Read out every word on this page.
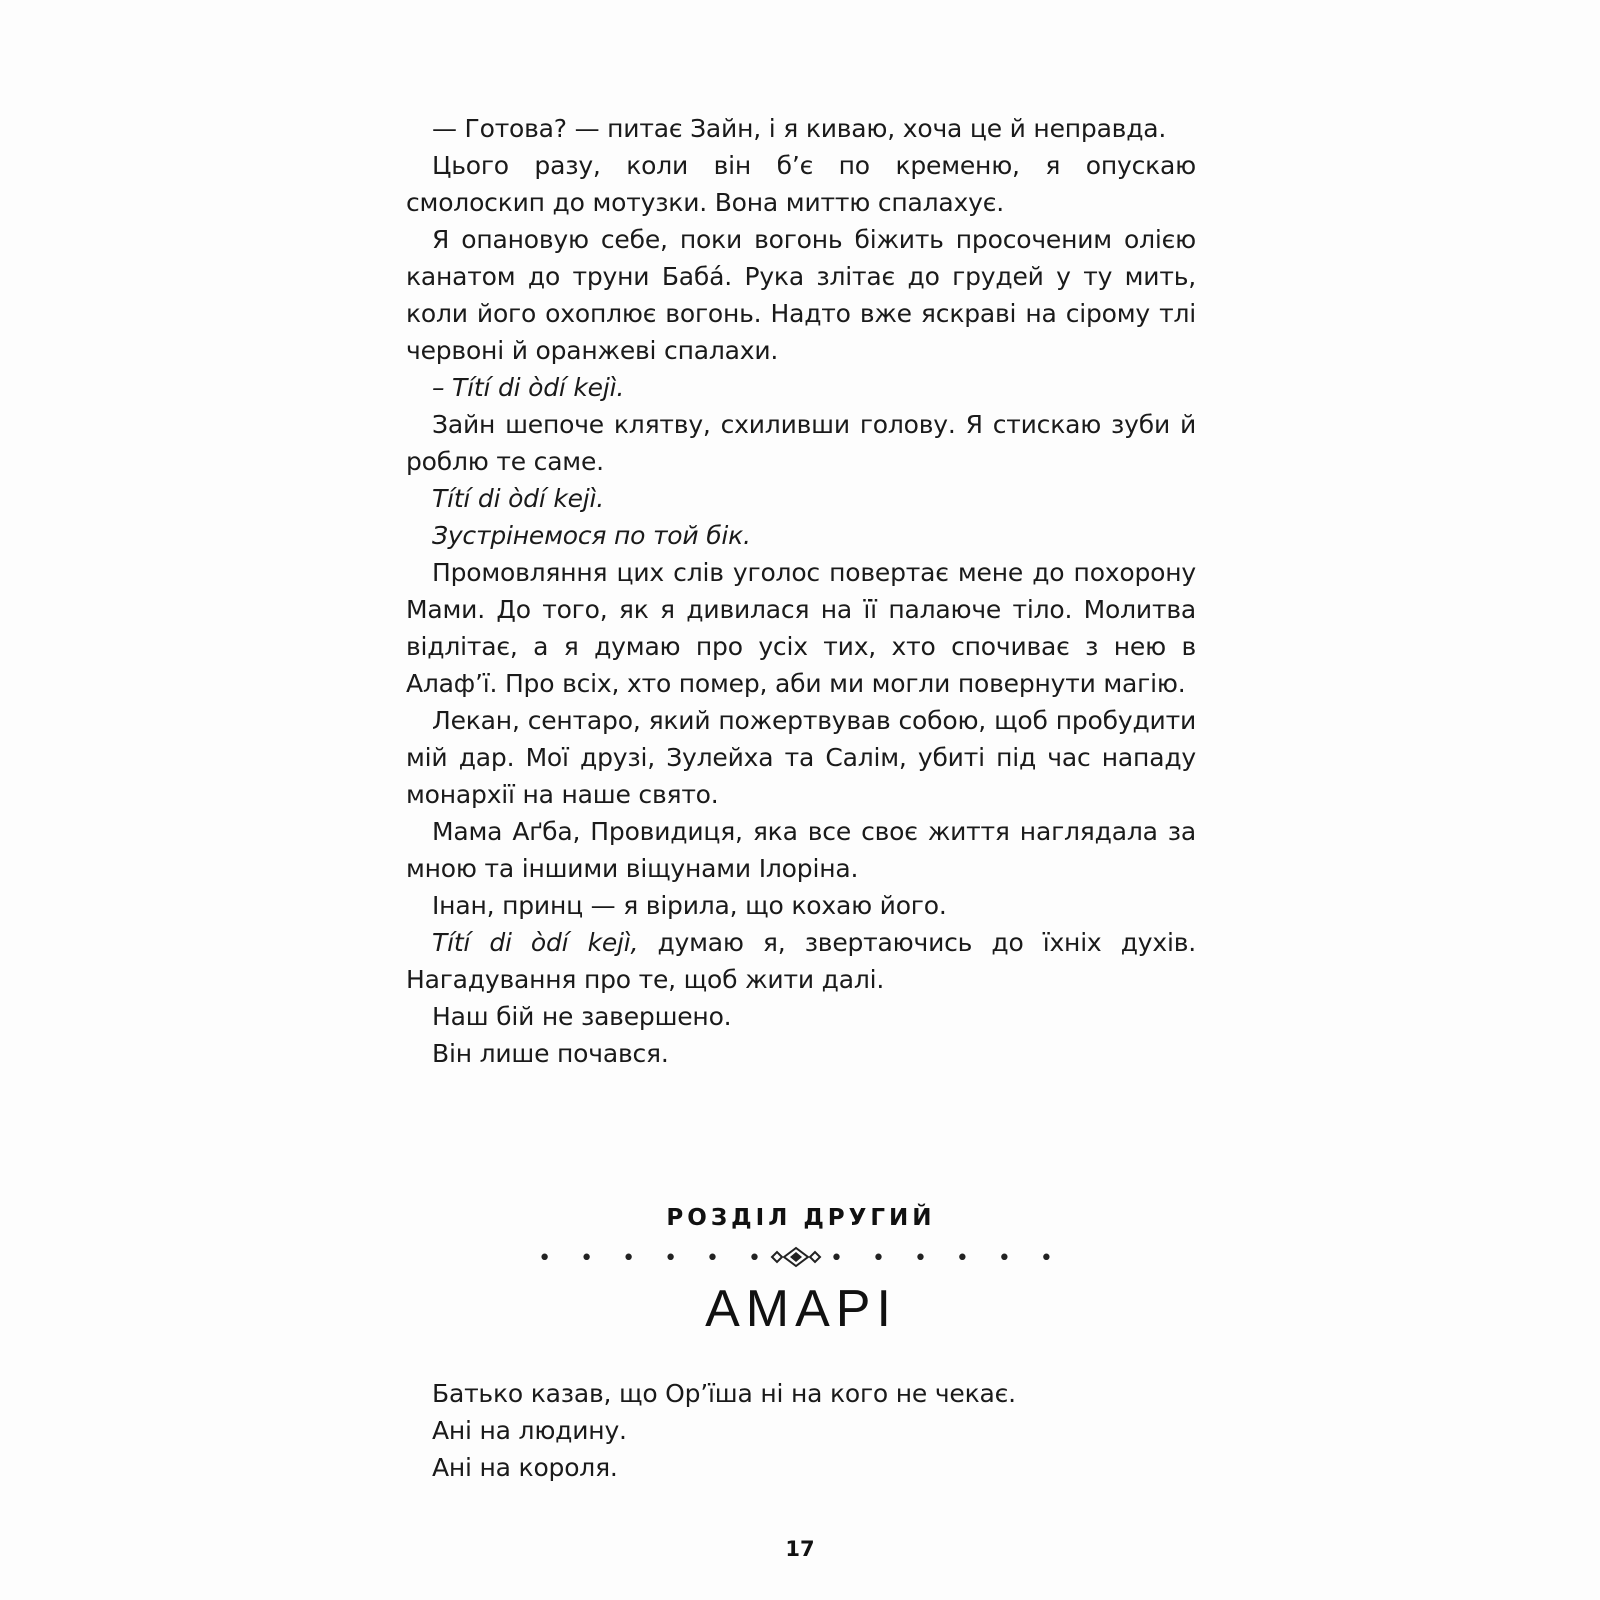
— Готова? — питає Зайн, і я киваю, хоча це й неправда.

Цього разу, коли він б’є по кременю, я опускаю смолоскип до мотузки. Вона миттю спалахує.

Я опановую себе, поки вогонь біжить просоченим олією канатом до труни Бабá. Рука злітає до грудей у ту мить, коли його охоплює вогонь. Надто вже яскраві на сірому тлі червоні й оранжеві спалахи.

– Títí di òdí kejì.

Зайн шепоче клятву, схиливши голову. Я стискаю зуби й роблю те саме.

Títí di òdí kejì.

Зустрінемося по той бік.

Промовляння цих слів уголос повертає мене до похорону Мами. До того, як я дивилася на її палаюче тіло. Молитва відлітає, а я думаю про усіх тих, хто спочиває з нею в Алаф’ї. Про всіх, хто помер, аби ми могли повернути магію.

Лекан, сентаро, який пожертвував собою, щоб пробудити мій дар. Мої друзі, Зулейха та Салім, убиті під час нападу монархії на наше свято.

Мама Аґба, Провидиця, яка все своє життя наглядала за мною та іншими віщунами Ілоріна.

Інан, принц — я вірила, що кохаю його.

Títí di òdí kejì, думаю я, звертаючись до їхніх духів. Нагадування про те, щоб жити далі.

Наш бій не завершено.

Він лише почався.

РОЗДІЛ ДРУГИЙ
• • • • • •	• • • • • •
АМАРІ

Батько казав, що Ор’їша ні на кого не чекає.

Ані на людину.

Ані на короля.

17
